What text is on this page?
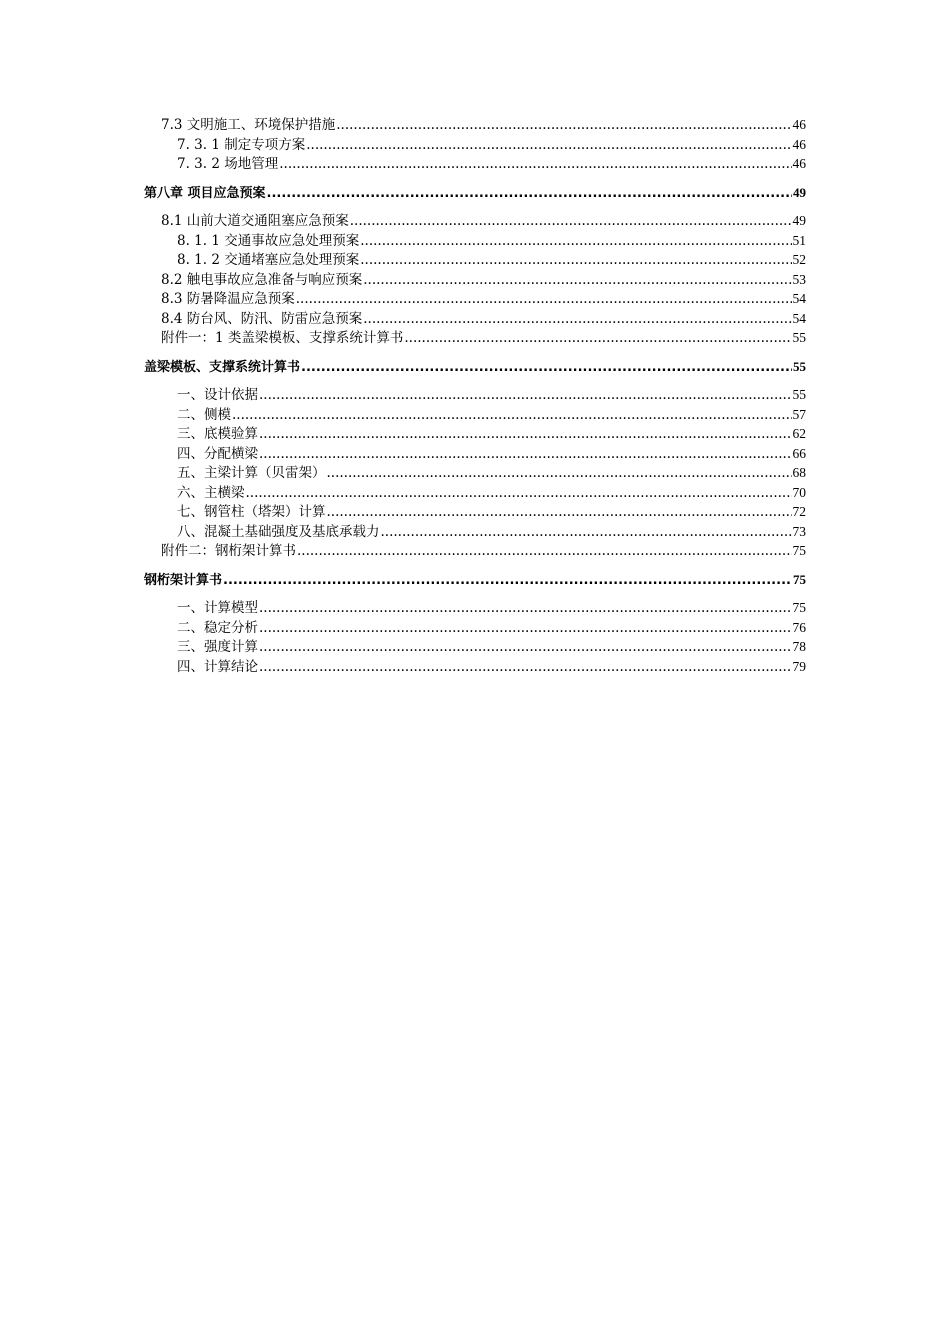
7.3 文明施工、环境保护措施 .....	46
7. 3. 1 制定专项方案 .....	46
7. 3. 2 场地管理 .....	46
第八章 项目应急预案 .....	49
8.1 山前大道交通阻塞应急预案 .....	49
8. 1. 1 交通事故应急处理预案 .....	51
8. 1. 2 交通堵塞应急处理预案 .....	52
8.2 触电事故应急准备与响应预案 .....	53
8.3 防暑降温应急预案 .....	54
8.4 防台风、防汛、防雷应急预案 .....	54
附件一：1 类盖梁模板、支撑系统计算书 .....	55
盖梁模板、支撑系统计算书 .....	55
一、设计依据 .....	55
二、侧模 .....	57
三、底模验算 .....	62
四、分配横梁 .....	66
五、主梁计算（贝雷架） .....	68
六、主横梁 .....	70
七、钢管柱（塔架）计算 .....	72
八、混凝土基础强度及基底承载力 .....	73
附件二：钢桁架计算书 .....	75
钢桁架计算书 .....	75
一、计算模型 .....	75
二、稳定分析 .....	76
三、强度计算 .....	78
四、计算结论 .....	79
